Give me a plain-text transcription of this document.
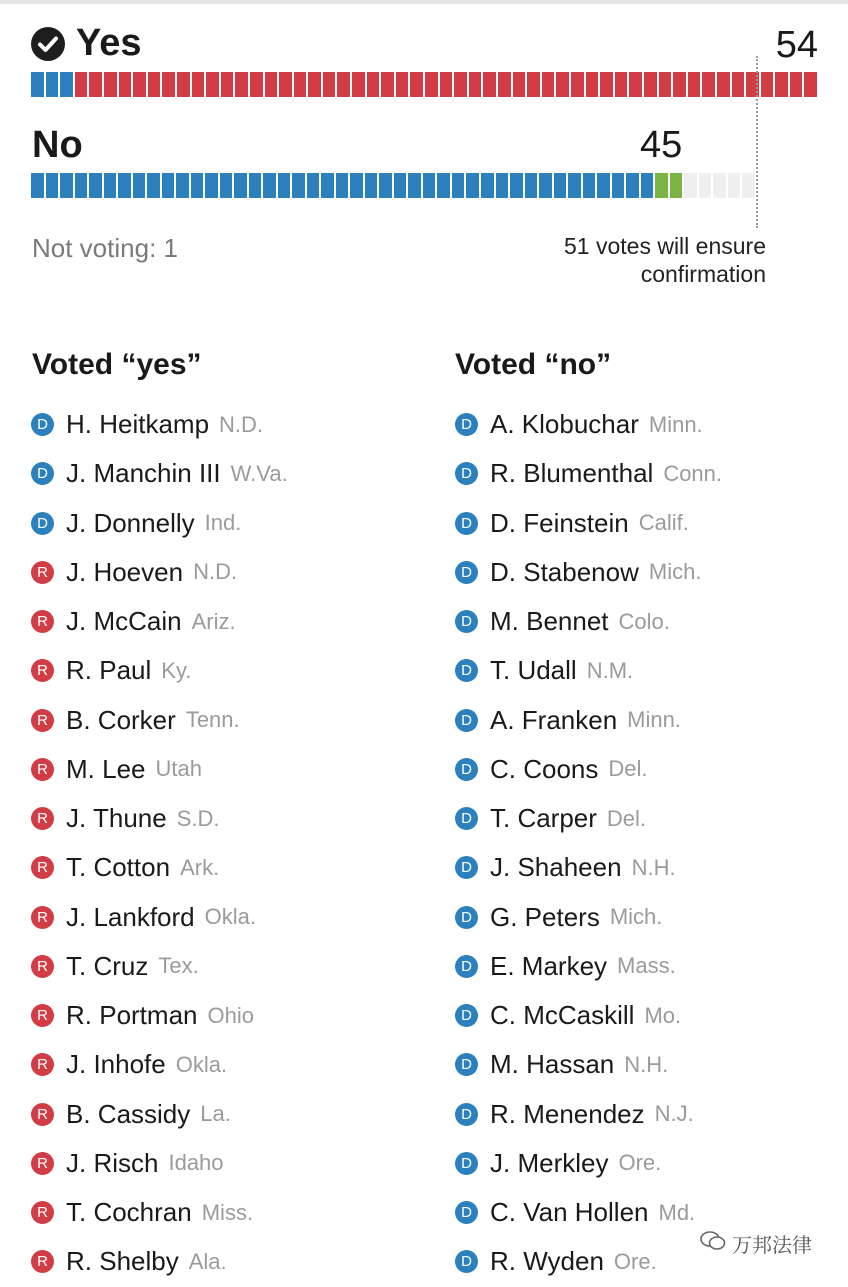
Yes	54
No	45
Not voting: 1	51 votes will ensure confirmation
Voted “yes”
D H. Heitkamp N.D.
D J. Manchin III W.Va.
D J. Donnelly Ind.
R J. Hoeven N.D.
R J. McCain Ariz.
R R. Paul Ky.
R B. Corker Tenn.
R M. Lee Utah
R J. Thune S.D.
R T. Cotton Ark.
R J. Lankford Okla.
R T. Cruz Tex.
R R. Portman Ohio
R J. Inhofe Okla.
R B. Cassidy La.
R J. Risch Idaho
R T. Cochran Miss.
R R. Shelby Ala.
Voted “no”
D A. Klobuchar Minn.
D R. Blumenthal Conn.
D D. Feinstein Calif.
D D. Stabenow Mich.
D M. Bennet Colo.
D T. Udall N.M.
D A. Franken Minn.
D C. Coons Del.
D T. Carper Del.
D J. Shaheen N.H.
D G. Peters Mich.
D E. Markey Mass.
D C. McCaskill Mo.
D M. Hassan N.H.
D R. Menendez N.J.
D J. Merkley Ore.
D C. Van Hollen Md.
D R. Wyden Ore.
万邦法律
